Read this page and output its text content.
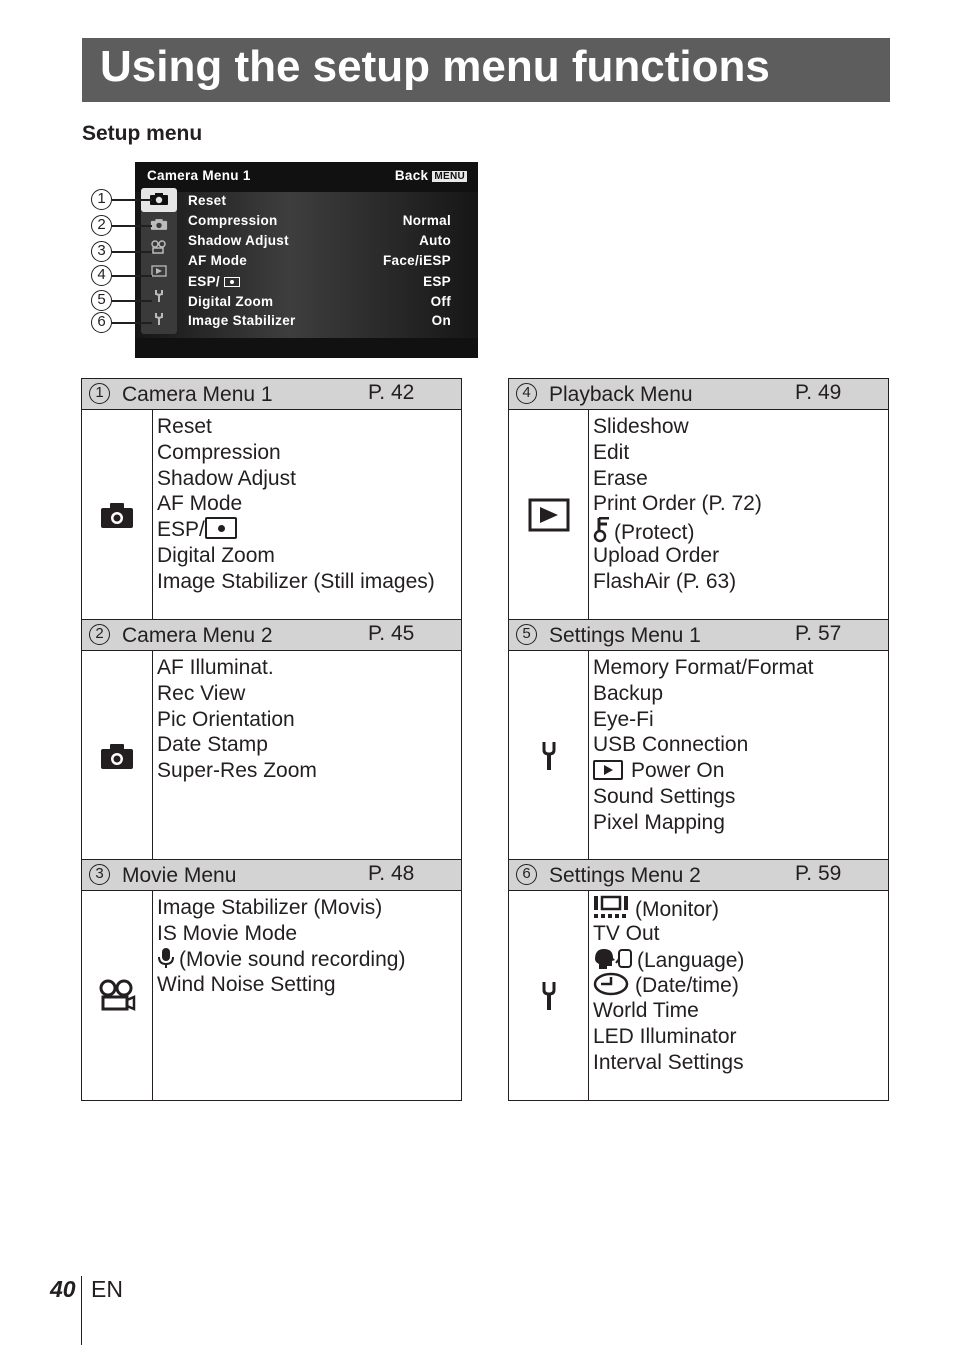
Using the setup menu functions
Setup menu
Camera Menu 1	Back MENU
Reset
Compression	Normal
Shadow Adjust	Auto
AF Mode	Face/iESP
ESP/	ESP
Digital Zoom	Off
Image Stabilizer	On
1
2
3
4
5
6
1 Camera Menu 1	P. 42
Reset
Compression
Shadow Adjust
AF Mode
ESP/
Digital Zoom
Image Stabilizer (Still images)
2 Camera Menu 2	P. 45
AF Illuminat.
Rec View
Pic Orientation
Date Stamp
Super-Res Zoom
3 Movie Menu	P. 48
Image Stabilizer (Movis)
IS Movie Mode
(Movie sound recording)
Wind Noise Setting
4 Playback Menu	P. 49
Slideshow
Edit
Erase
Print Order (P. 72)
(Protect)
Upload Order
FlashAir (P. 63)
5 Settings Menu 1	P. 57
Memory Format/Format
Backup
Eye-Fi
USB Connection
Power On
Sound Settings
Pixel Mapping
6 Settings Menu 2	P. 59
(Monitor)
TV Out
(Language)
(Date/time)
World Time
LED Illuminator
Interval Settings
40 EN
